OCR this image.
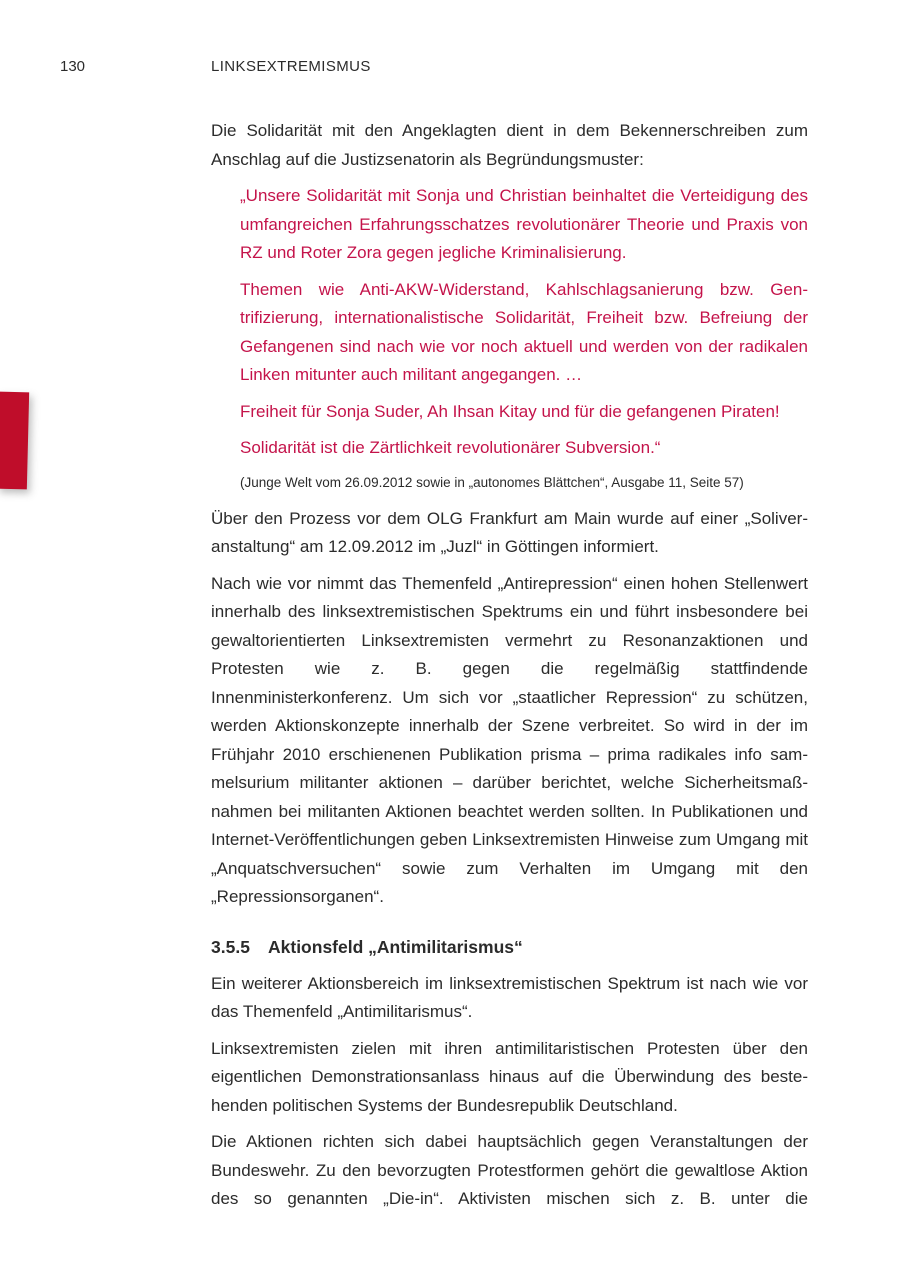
130	LINKSEXTREMISMUS

Die Solidarität mit den Angeklagten dient in dem Bekennerschreiben zum Anschlag auf die Justizsenatorin als Begründungsmuster:

„Unsere Solidarität mit Sonja und Christian beinhaltet die Verteidigung des umfangreichen Erfahrungsschatzes revolutionärer Theorie und Praxis von RZ und Roter Zora gegen jegliche Kriminalisierung.

Themen wie Anti-AKW-Widerstand, Kahlschlagsanierung bzw. Gentrifizierung, internationalistische Solidarität, Freiheit bzw. Befreiung der Gefangenen sind nach wie vor noch aktuell und werden von der radikalen Linken mitunter auch militant angegangen. …

Freiheit für Sonja Suder, Ah Ihsan Kitay und für die gefangenen Piraten!

Solidarität ist die Zärtlichkeit revolutionärer Subversion.“

(Junge Welt vom 26.09.2012 sowie in „autonomes Blättchen“, Ausgabe 11, Seite 57)

Über den Prozess vor dem OLG Frankfurt am Main wurde auf einer „Soliveranstaltung“ am 12.09.2012 im „Juzl“ in Göttingen informiert.

Nach wie vor nimmt das Themenfeld „Antirepression“ einen hohen Stellenwert innerhalb des linksextremistischen Spektrums ein und führt insbesondere bei gewaltorientierten Linksextremisten vermehrt zu Resonanzaktionen und Protesten wie z. B. gegen die regelmäßig stattfindende Innenministerkonferenz. Um sich vor „staatlicher Repression“ zu schützen, werden Aktionskonzepte innerhalb der Szene verbreitet. So wird in der im Frühjahr 2010 erschienenen Publikation prisma – prima radikales info sammelsurium militanter aktionen – darüber berichtet, welche Sicherheitsmaßnahmen bei militanten Aktionen beachtet werden sollten. In Publikationen und Internet-Veröffentlichungen geben Linksextremisten Hinweise zum Umgang mit „Anquatschversuchen“ sowie zum Verhalten im Umgang mit den „Repressionsorganen“.

3.5.5 Aktionsfeld „Antimilitarismus“

Ein weiterer Aktionsbereich im linksextremistischen Spektrum ist nach wie vor das Themenfeld „Antimilitarismus“.

Linksextremisten zielen mit ihren antimilitaristischen Protesten über den eigentlichen Demonstrationsanlass hinaus auf die Überwindung des bestehenden politischen Systems der Bundesrepublik Deutschland.

Die Aktionen richten sich dabei hauptsächlich gegen Veranstaltungen der Bundeswehr. Zu den bevorzugten Protestformen gehört die gewaltlose Aktion des so genannten „Die-in“. Aktivisten mischen sich z. B. unter die
